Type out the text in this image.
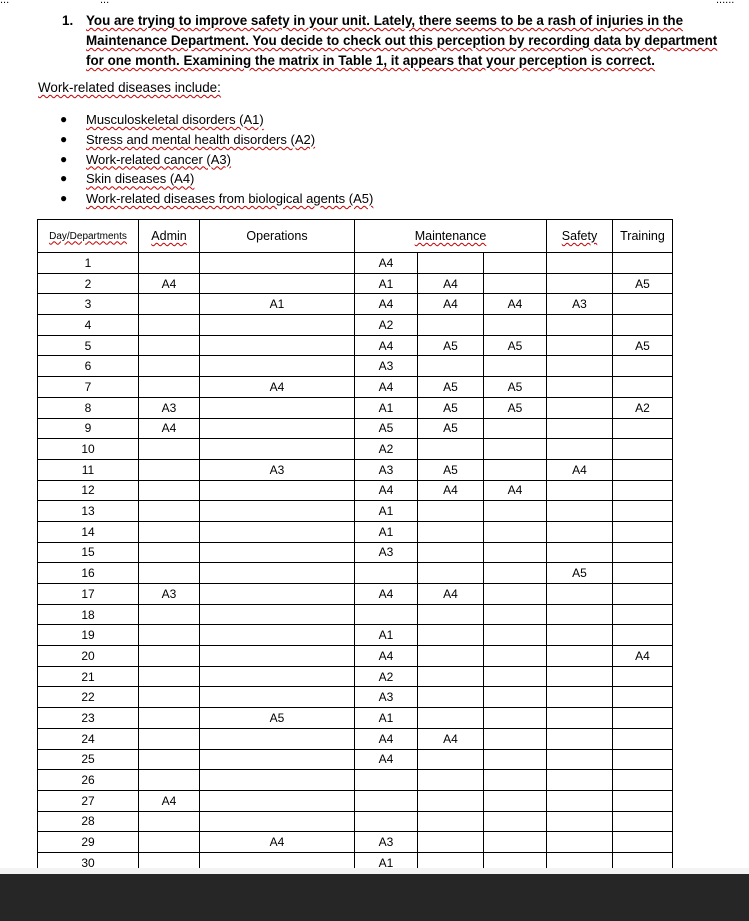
...	...	......
1. You are trying to improve safety in your unit. Lately, there seems to be a rash of injuries in the Maintenance Department. You decide to check out this perception by recording data by department for one month. Examining the matrix in Table 1, it appears that your perception is correct.
Work-related diseases include:
● Musculoskeletal disorders (A1)
● Stress and mental health disorders (A2)
● Work-related cancer (A3)
● Skin diseases (A4)
● Work-related diseases from biological agents (A5)
Day/Departments	Admin	Operations	Maintenance			Safety	Training
1			A4				
2	A4		A1	A4			A5
3		A1	A4	A4	A4	A3	
4			A2				
5			A4	A5	A5		A5
6			A3				
7		A4	A4	A5	A5		
8	A3		A1	A5	A5		A2
9	A4		A5	A5			
10			A2				
11		A3	A3	A5		A4	
12			A4	A4	A4		
13			A1				
14			A1				
15			A3				
16						A5	
17	A3		A4	A4			
18							
19			A1				
20			A4				A4
21			A2				
22			A3				
23		A5	A1				
24			A4	A4			
25			A4				
26							
27	A4						
28							
29		A4	A3				
30			A1				
